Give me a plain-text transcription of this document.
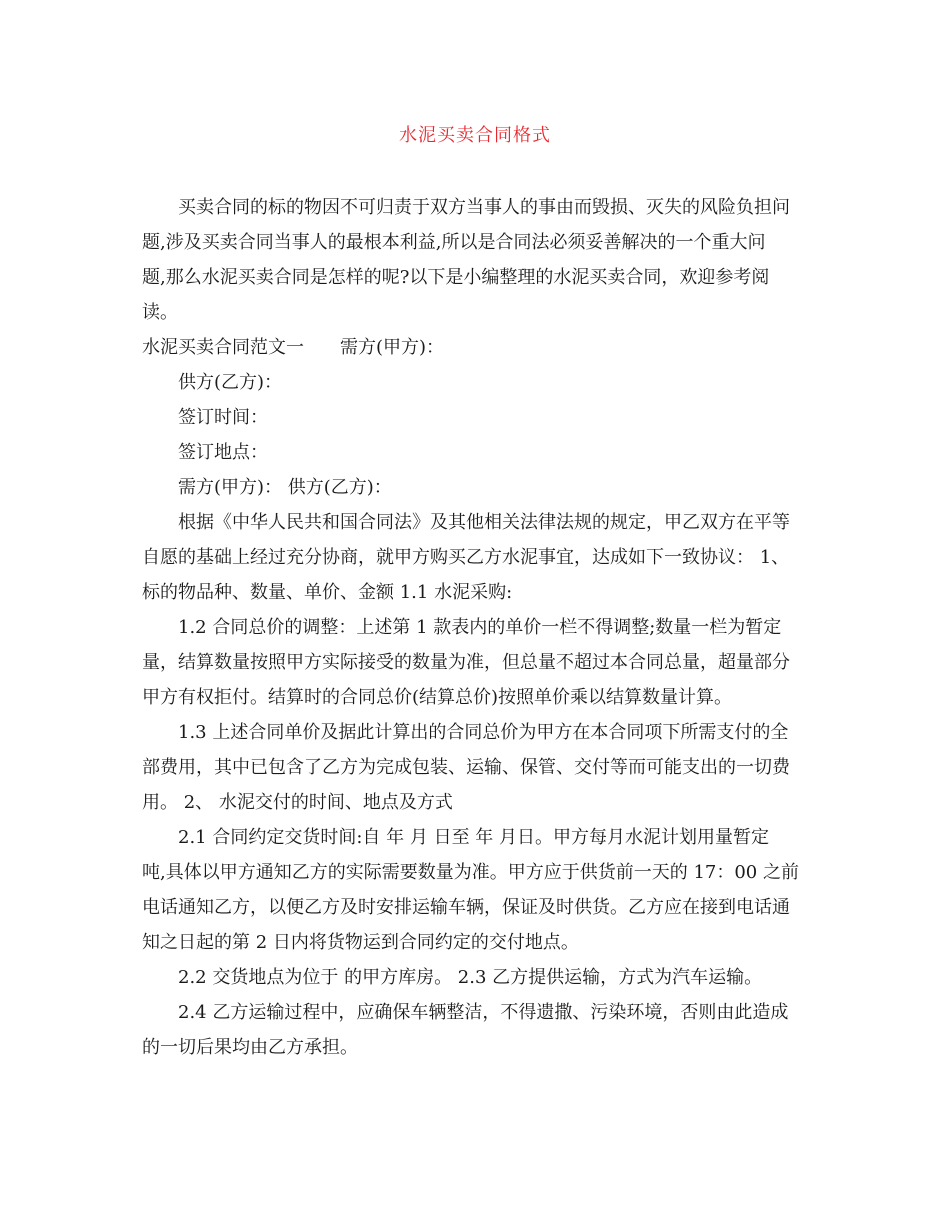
水泥买卖合同格式

买卖合同的标的物因不可归责于双方当事人的事由而毁损、灭失的风险负担问

题,涉及买卖合同当事人的最根本利益,所以是合同法必须妥善解决的一个重大问

题,那么水泥买卖合同是怎样的呢?以下是小编整理的水泥买卖合同，欢迎参考阅

读。

水泥买卖合同范文一　　需方(甲方)：

供方(乙方)：

签订时间：

签订地点：

需方(甲方)： 供方(乙方)：

根据《中华人民共和国合同法》及其他相关法律法规的规定，甲乙双方在平等

自愿的基础上经过充分协商，就甲方购买乙方水泥事宜，达成如下一致协议： 1、

标的物品种、数量、单价、金额 1.1 水泥采购:

1.2 合同总价的调整：上述第 1 款表内的单价一栏不得调整;数量一栏为暂定

量，结算数量按照甲方实际接受的数量为准，但总量不超过本合同总量，超量部分

甲方有权拒付。结算时的合同总价(结算总价)按照单价乘以结算数量计算。

1.3 上述合同单价及据此计算出的合同总价为甲方在本合同项下所需支付的全

部费用，其中已包含了乙方为完成包装、运输、保管、交付等而可能支出的一切费

用。 2、 水泥交付的时间、地点及方式

2.1 合同约定交货时间:自 年 月 日至 年 月日。甲方每月水泥计划用量暂定

吨,具体以甲方通知乙方的实际需要数量为准。甲方应于供货前一天的 17：00 之前

电话通知乙方，以便乙方及时安排运输车辆，保证及时供货。乙方应在接到电话通

知之日起的第 2 日内将货物运到合同约定的交付地点。

2.2 交货地点为位于 的甲方库房。 2.3 乙方提供运输，方式为汽车运输。

2.4 乙方运输过程中，应确保车辆整洁，不得遗撒、污染环境，否则由此造成

的一切后果均由乙方承担。
